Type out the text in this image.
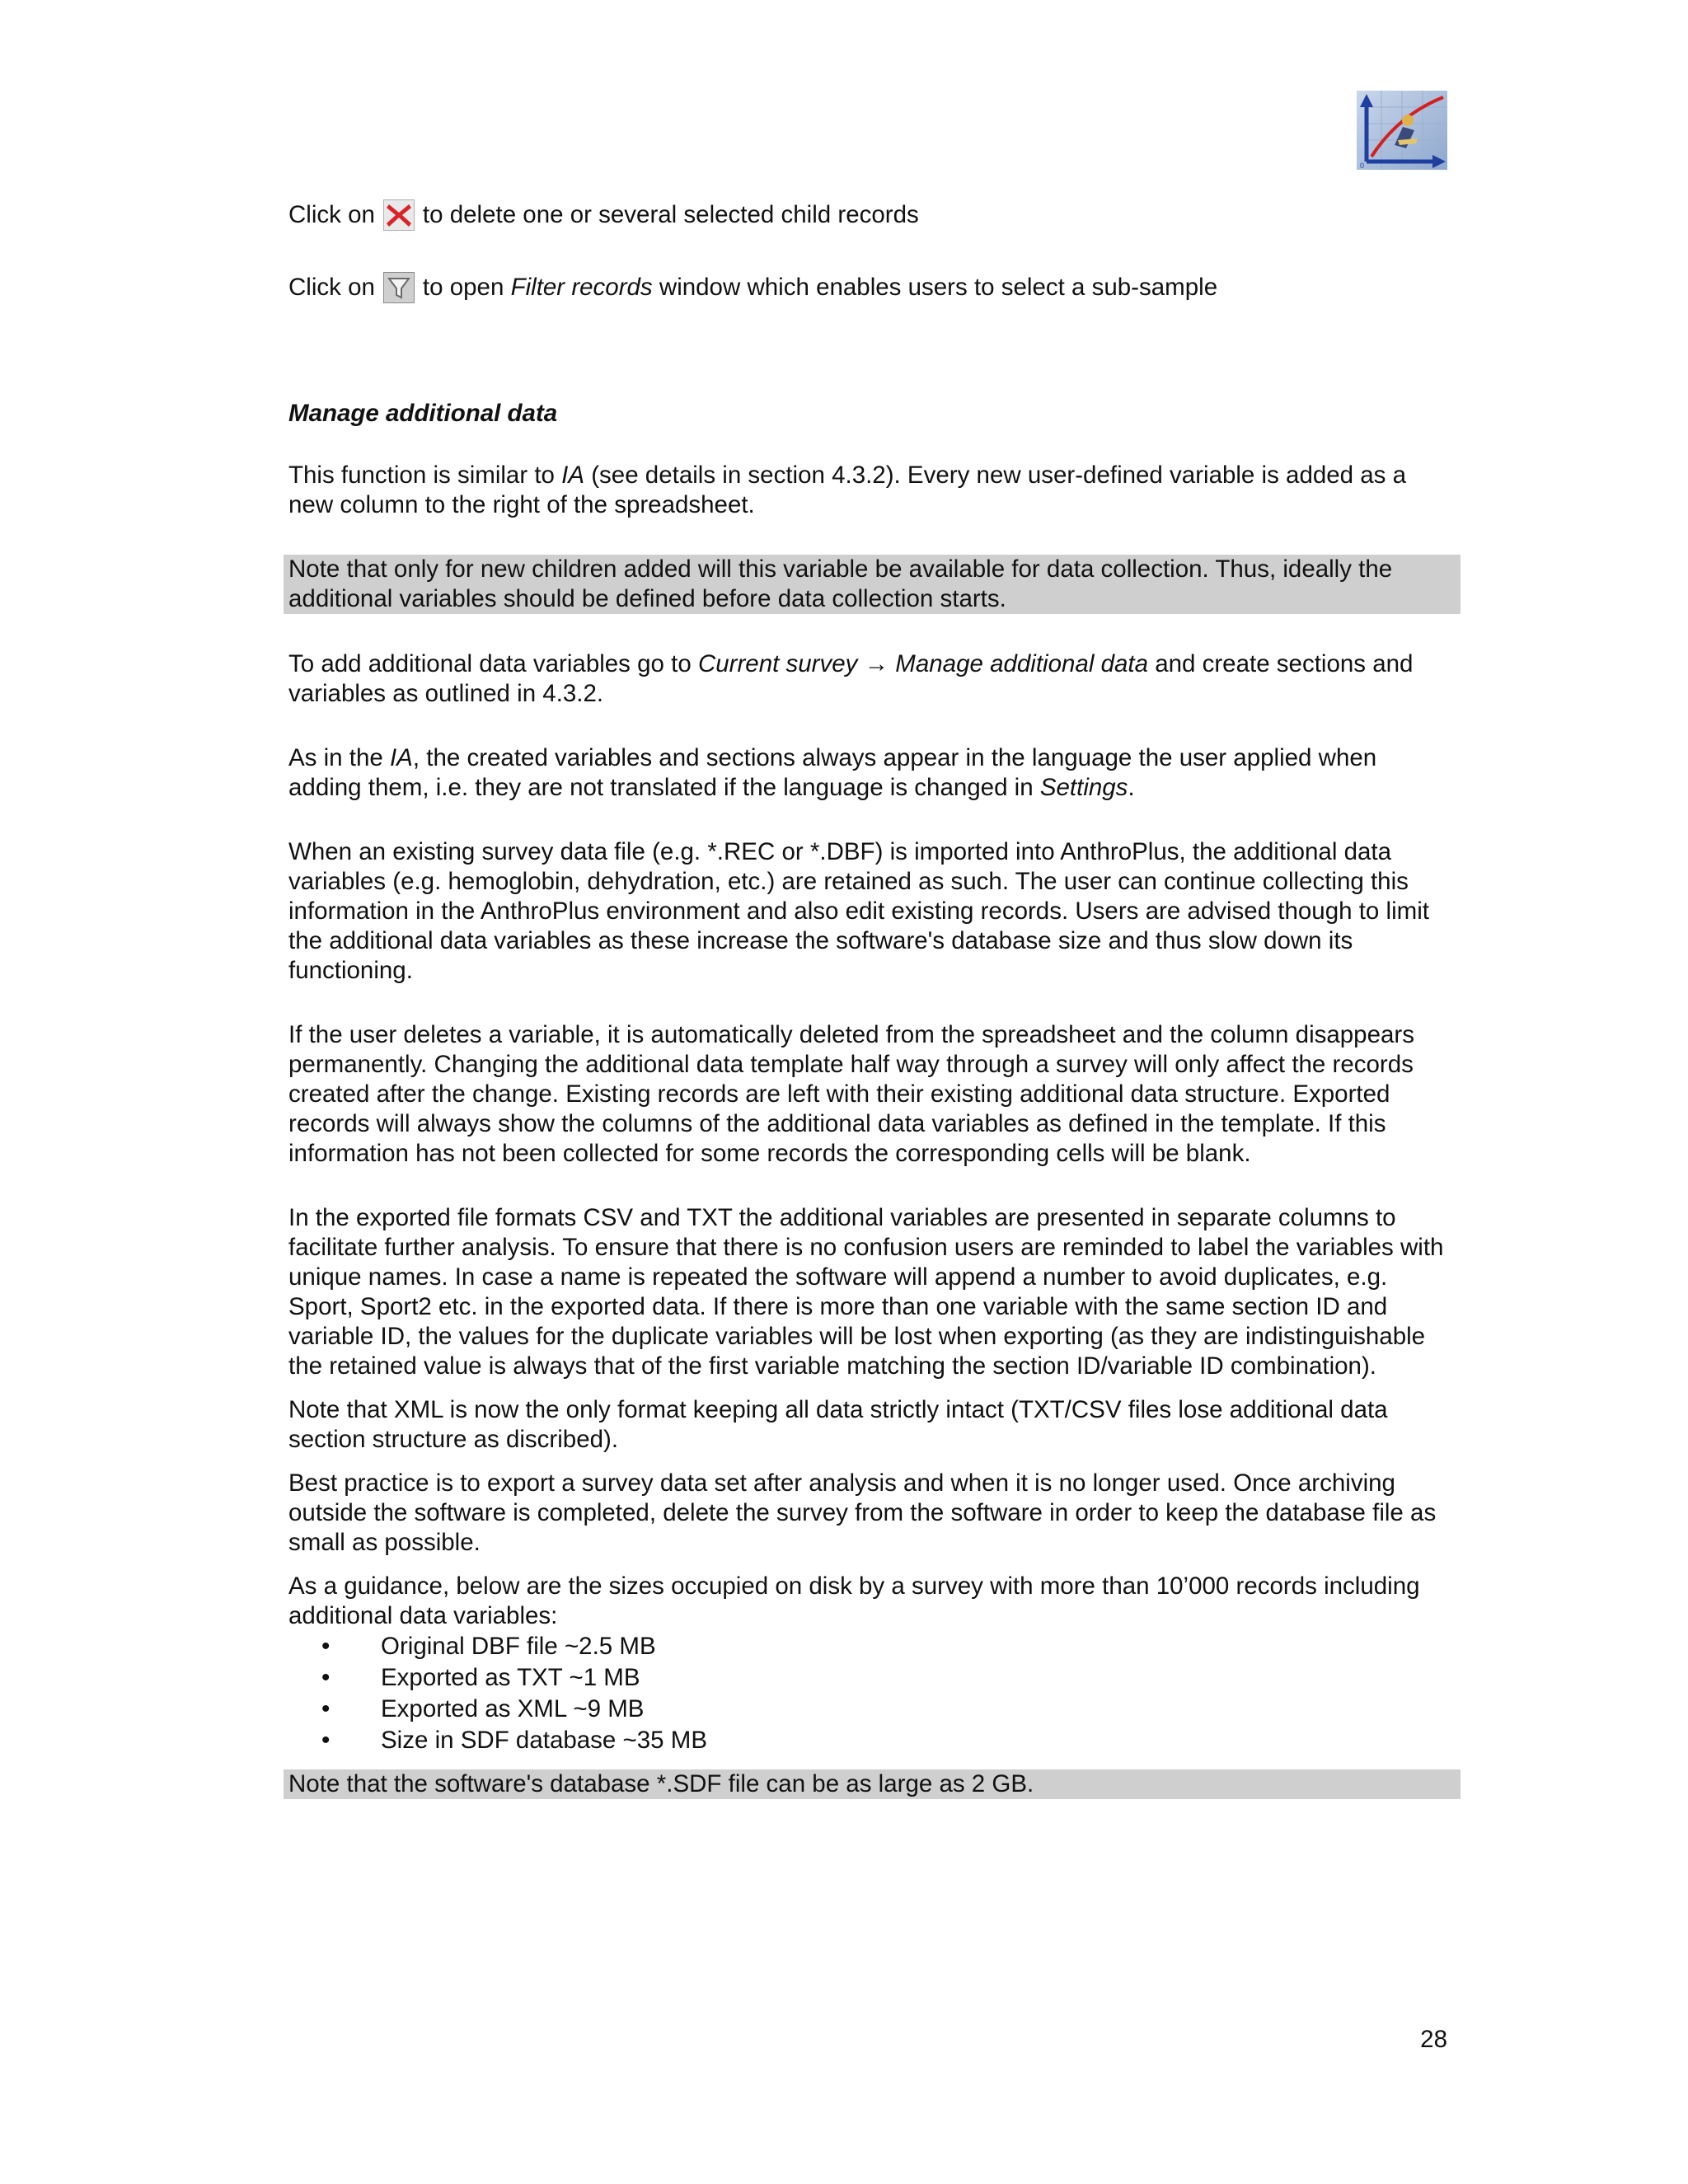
0
Click on to delete one or several selected child records
Click on to open
Filter records
window which enables users to select a sub-sample

Manage additional data

This function is similar to IA (see details in section 4.3.2). Every new user-defined variable is added as a new column to the right of the spreadsheet.

Note that only for new children added will this variable be available for data collection. Thus, ideally the additional variables should be defined before data collection starts.

To add additional data variables go to Current survey → Manage additional data and create sections and variables as outlined in 4.3.2.

As in the IA, the created variables and sections always appear in the language the user applied when adding them, i.e. they are not translated if the language is changed in Settings.

When an existing survey data file (e.g. *.REC or *.DBF) is imported into AnthroPlus, the additional data variables (e.g. hemoglobin, dehydration, etc.) are retained as such. The user can continue collecting this information in the AnthroPlus environment and also edit existing records. Users are advised though to limit the additional data variables as these increase the software's database size and thus slow down its functioning.

If the user deletes a variable, it is automatically deleted from the spreadsheet and the column disappears permanently. Changing the additional data template half way through a survey will only affect the records created after the change. Existing records are left with their existing additional data structure. Exported records will always show the columns of the additional data variables as defined in the template. If this information has not been collected for some records the corresponding cells will be blank.

In the exported file formats CSV and TXT the additional variables are presented in separate columns to facilitate further analysis. To ensure that there is no confusion users are reminded to label the variables with unique names. In case a name is repeated the software will append a number to avoid duplicates, e.g. Sport, Sport2 etc. in the exported data. If there is more than one variable with the same section ID and variable ID, the values for the duplicate variables will be lost when exporting (as they are indistinguishable the retained value is always that of the first variable matching the section ID/variable ID combination).

Note that XML is now the only format keeping all data strictly intact (TXT/CSV files lose additional data section structure as discribed).

Best practice is to export a survey data set after analysis and when it is no longer used. Once archiving outside the software is completed, delete the survey from the software in order to keep the database file as small as possible.

As a guidance, below are the sizes occupied on disk by a survey with more than 10’000 records including additional data variables:

• Original DBF file ~2.5 MB
• Exported as TXT ~1 MB
• Exported as XML ~9 MB
• Size in SDF database ~35 MB

Note that the software's database *.SDF file can be as large as 2 GB.

28
